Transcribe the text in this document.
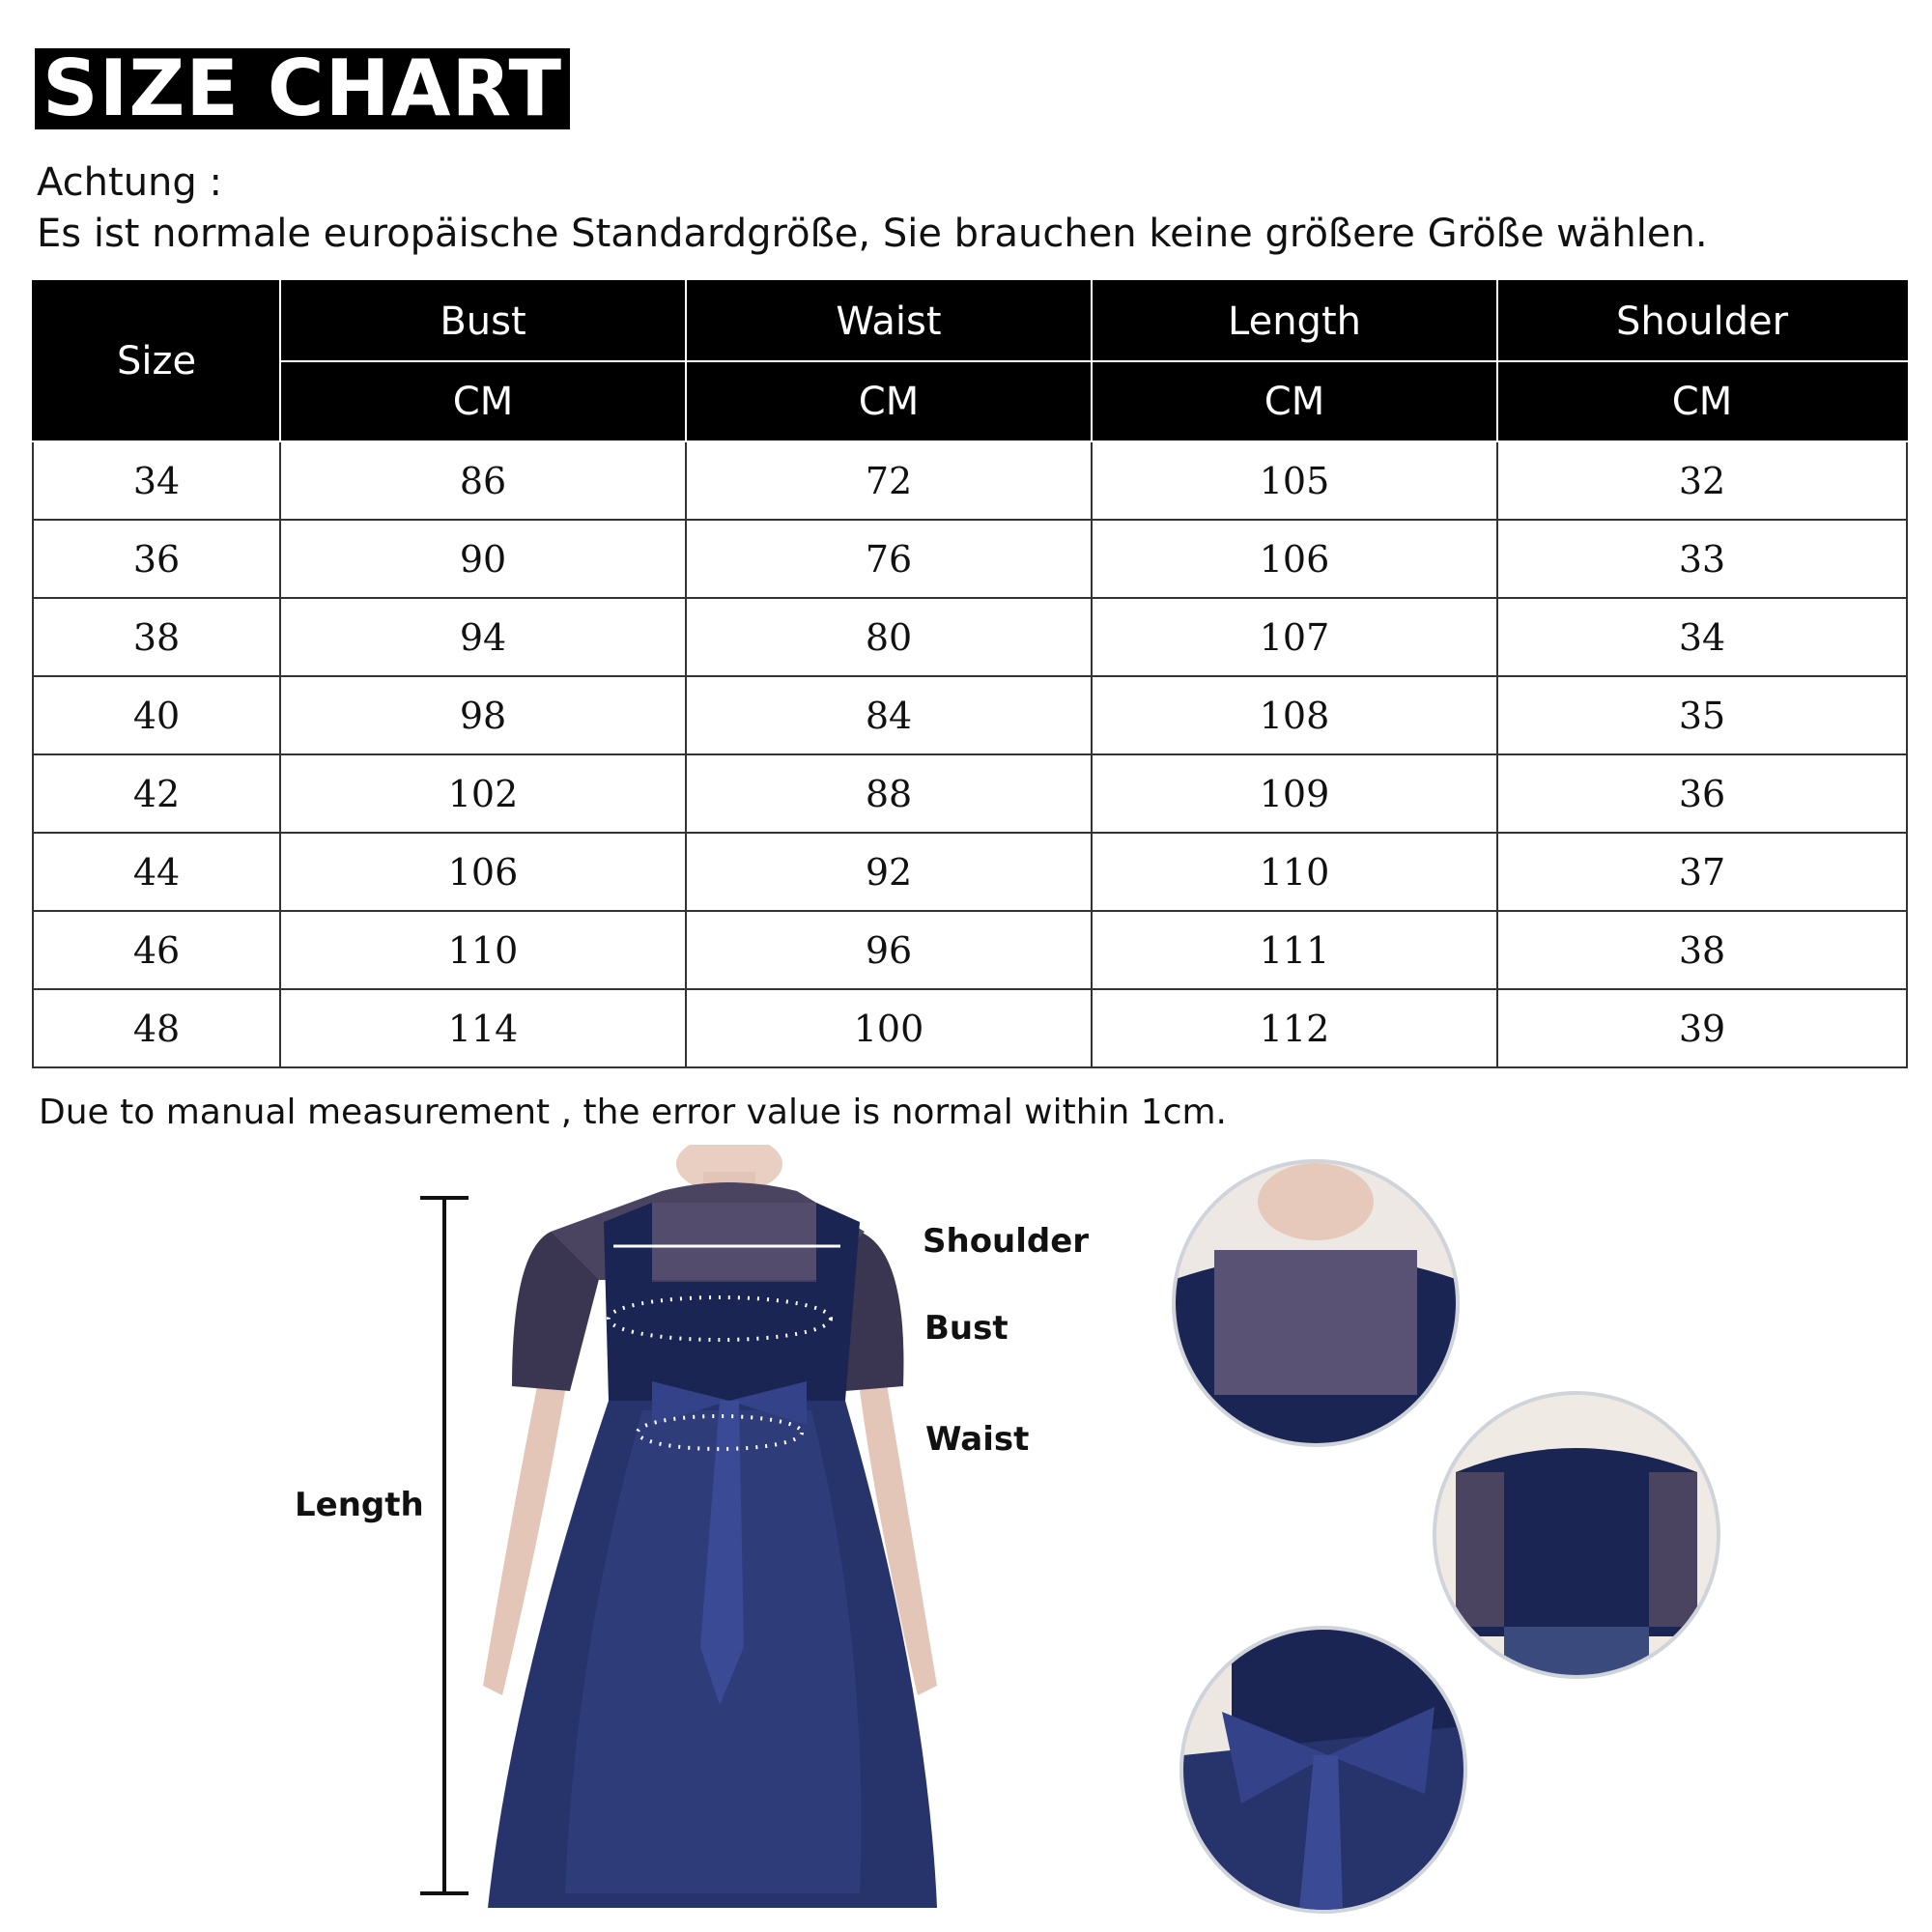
SIZE CHART
Achtung :
Es ist normale europäische Standardgröße, Sie brauchen keine größere Größe wählen.
Size	Bust	Waist	Length	Shoulder
	CM	CM	CM	CM
34	86	72	105	32
36	90	76	106	33
38	94	80	107	34
40	98	84	108	35
42	102	88	109	36
44	106	92	110	37
46	110	96	111	38
48	114	100	112	39
Due to manual measurement , the error value is normal within 1cm.
Length
Shoulder
Bust
Waist
